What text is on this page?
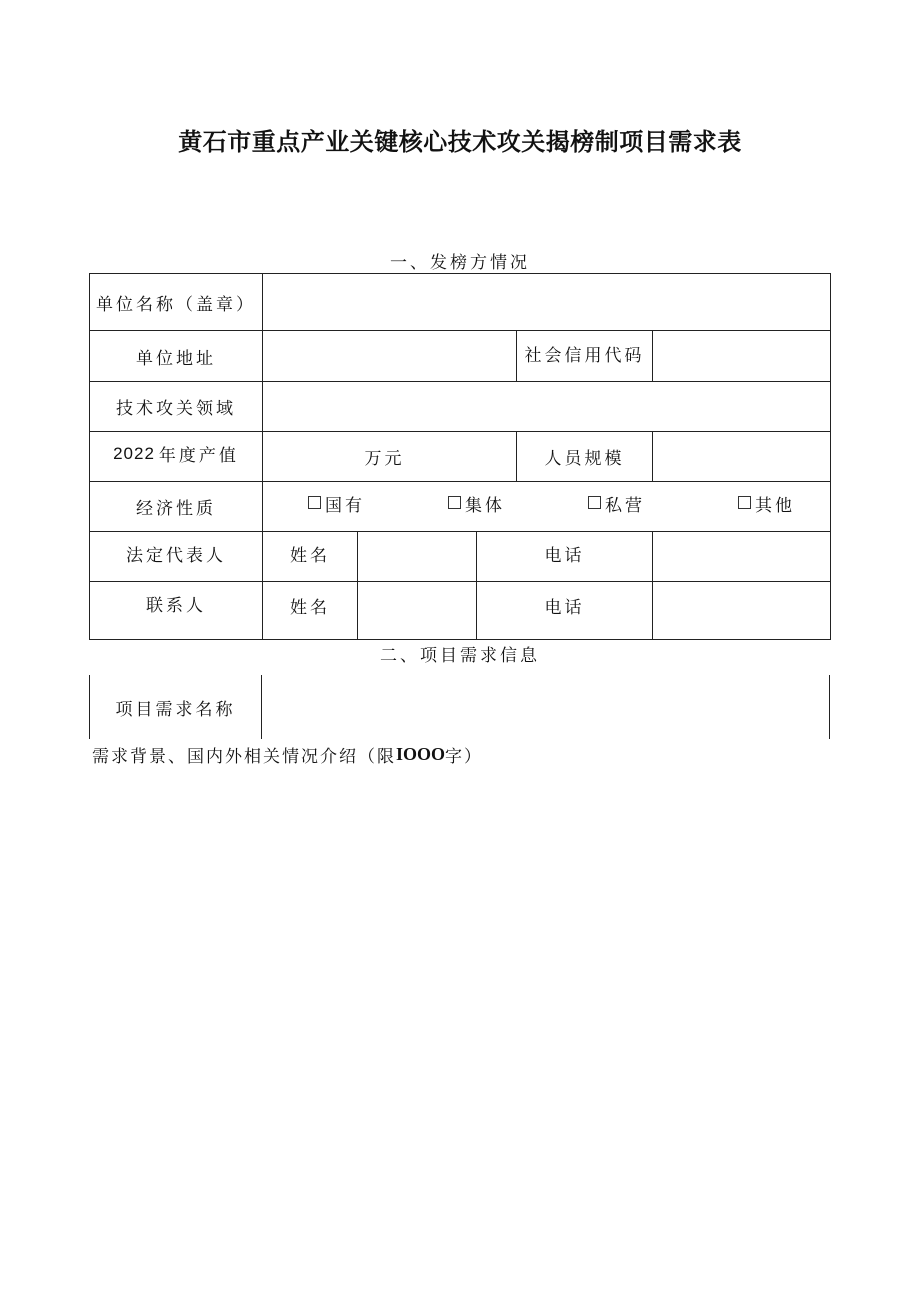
黄石市重点产业关键核心技术攻关揭榜制项目需求表
一、发榜方情况
单位名称（盖章）
单位地址	社会信用代码
技术攻关领域
2022 年度产值	万元	人员规模
经济性质	国有	集体	私营	其他
法定代表人	姓名	电话
联系人	姓名	电话
二、项目需求信息
项目需求名称
需求背景、国内外相关情况介绍（限 IOOO 字）
